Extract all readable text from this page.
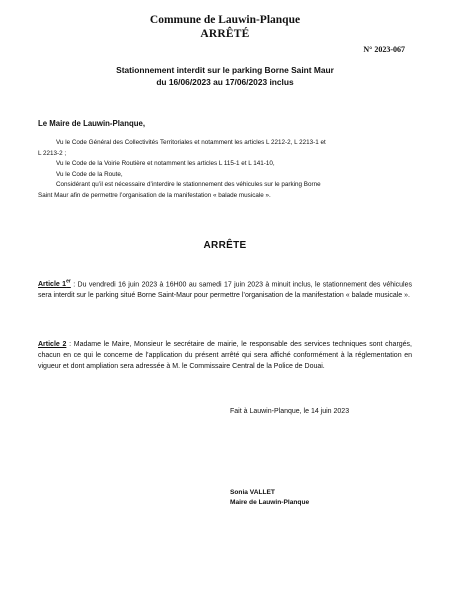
Commune de Lauwin-Planque
ARRÊTÉ
N° 2023-067
Stationnement interdit sur le parking Borne Saint Maur
du 16/06/2023 au 17/06/2023 inclus
Le Maire de Lauwin-Planque,
Vu le Code Général des Collectivités Territoriales et notamment les articles L 2212-2, L 2213-1 et
L 2213-2 ;
Vu le Code de la Voirie Routière et notamment les articles L 115-1 et L 141-10,
Vu le Code de la Route,
Considérant qu’il est nécessaire d’interdire le stationnement des véhicules sur le parking Borne
Saint Maur afin de permettre l’organisation de la manifestation « balade musicale ».
ARRÊTE
Article 1er : Du vendredi 16 juin 2023 à 16H00 au samedi 17 juin 2023 à minuit inclus, le stationnement des véhicules sera interdit sur le parking situé Borne Saint-Maur pour permettre l’organisation de la manifestation « balade musicale ».
Article 2 : Madame le Maire, Monsieur le secrétaire de mairie, le responsable des services techniques sont chargés, chacun en ce qui le concerne de l’application du présent arrêté qui sera affiché conformément à la réglementation en vigueur et dont ampliation sera adressée à M. le Commissaire Central de la Police de Douai.
Fait à Lauwin-Planque, le 14 juin 2023
Sonia VALLET
Maire de Lauwin-Planque
